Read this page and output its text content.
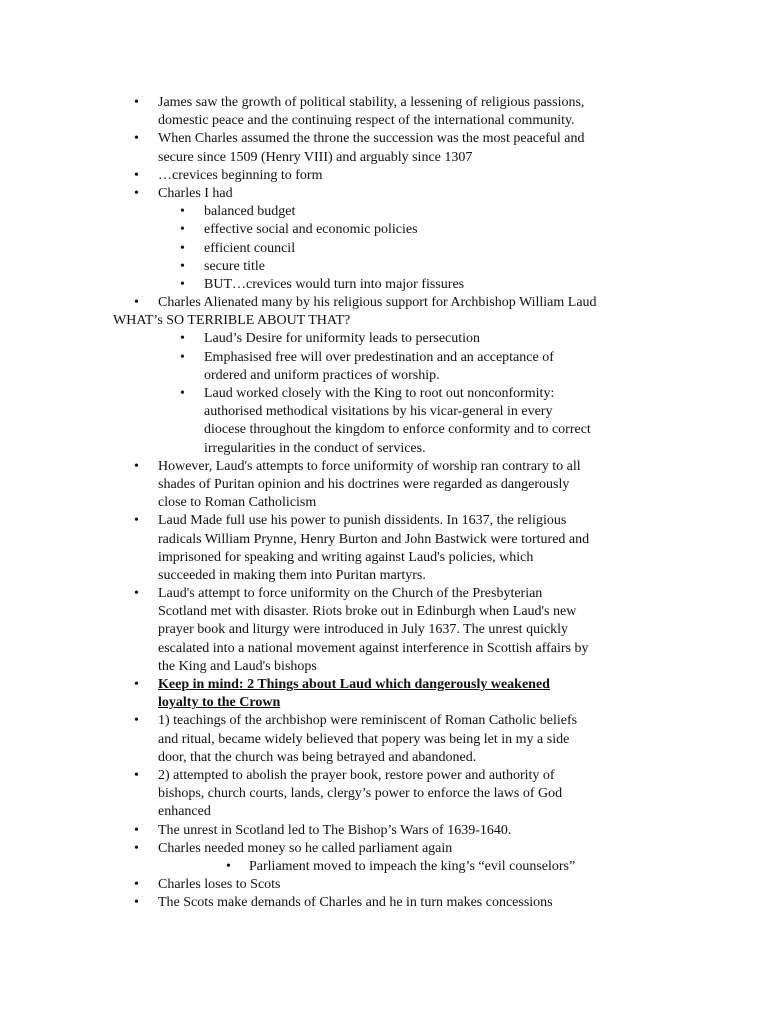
• James saw the growth of political stability, a lessening of religious passions,
domestic peace and the continuing respect of the international community.
• When Charles assumed the throne the succession was the most peaceful and
secure since 1509 (Henry VIII) and arguably since 1307
• …crevices beginning to form
• Charles I had
• balanced budget
• effective social and economic policies
• efficient council
• secure title
• BUT…crevices would turn into major fissures
• Charles Alienated many by his religious support for Archbishop William Laud
WHAT’s SO TERRIBLE ABOUT THAT?
• Laud’s Desire for uniformity leads to persecution
• Emphasised free will over predestination and an acceptance of
ordered and uniform practices of worship.
• Laud worked closely with the King to root out nonconformity:
authorised methodical visitations by his vicar-general in every
diocese throughout the kingdom to enforce conformity and to correct
irregularities in the conduct of services.
• However, Laud's attempts to force uniformity of worship ran contrary to all
shades of Puritan opinion and his doctrines were regarded as dangerously
close to Roman Catholicism
• Laud Made full use his power to punish dissidents. In 1637, the religious
radicals William Prynne, Henry Burton and John Bastwick were tortured and
imprisoned for speaking and writing against Laud's policies, which
succeeded in making them into Puritan martyrs.
• Laud's attempt to force uniformity on the Church of the Presbyterian
Scotland met with disaster. Riots broke out in Edinburgh when Laud's new
prayer book and liturgy were introduced in July 1637. The unrest quickly
escalated into a national movement against interference in Scottish affairs by
the King and Laud's bishops
• Keep in mind: 2 Things about Laud which dangerously weakened
loyalty to the Crown
• 1) teachings of the archbishop were reminiscent of Roman Catholic beliefs
and ritual, became widely believed that popery was being let in my a side
door, that the church was being betrayed and abandoned.
• 2) attempted to abolish the prayer book, restore power and authority of
bishops, church courts, lands, clergy’s power to enforce the laws of God
enhanced
• The unrest in Scotland led to The Bishop’s Wars of 1639-1640.
• Charles needed money so he called parliament again
• Parliament moved to impeach the king’s “evil counselors”
• Charles loses to Scots
• The Scots make demands of Charles and he in turn makes concessions
